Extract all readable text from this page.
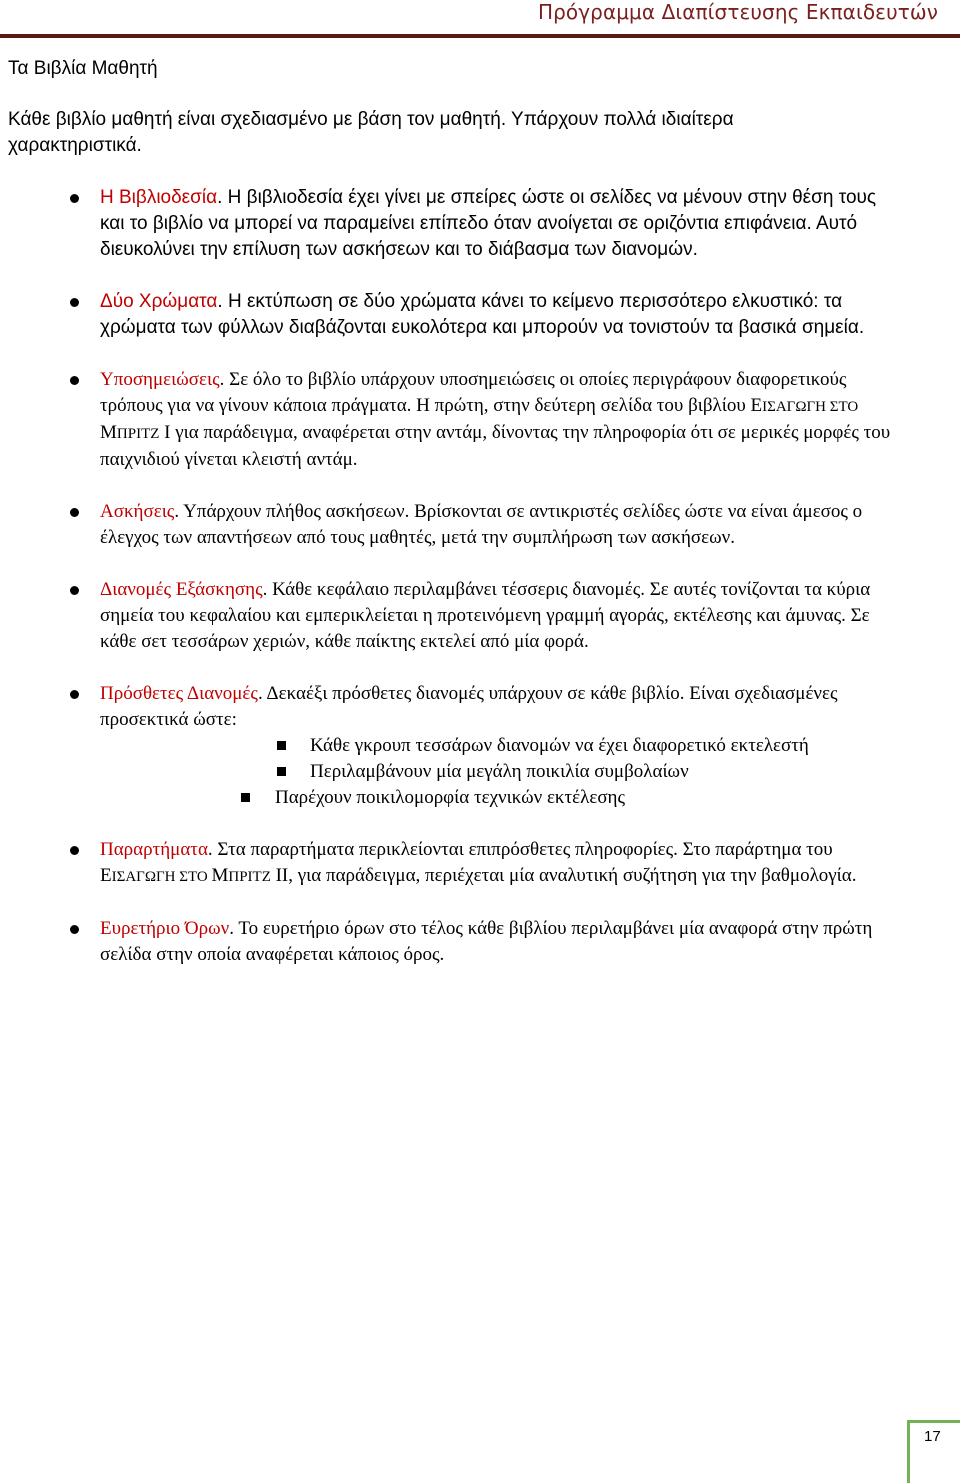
Πρόγραμμα Διαπίστευσης Εκπαιδευτών
Τα Βιβλία Μαθητή
Κάθε βιβλίο μαθητή είναι σχεδιασμένο με βάση τον μαθητή. Υπάρχουν πολλά ιδιαίτερα χαρακτηριστικά.
Η Βιβλιοδεσία. Η βιβλιοδεσία έχει γίνει με σπείρες ώστε οι σελίδες να μένουν στην θέση τους και το βιβλίο να μπορεί να παραμείνει επίπεδο όταν ανοίγεται σε οριζόντια επιφάνεια. Αυτό διευκολύνει την επίλυση των ασκήσεων και το διάβασμα των διανομών.
Δύο Χρώματα. Η εκτύπωση σε δύο χρώματα κάνει το κείμενο περισσότερο ελκυστικό: τα χρώματα των φύλλων διαβάζονται ευκολότερα και μπορούν να τονιστούν τα βασικά σημεία.
Υποσημειώσεις. Σε όλο το βιβλίο υπάρχουν υποσημειώσεις οι οποίες περιγράφουν διαφορετικούς τρόπους για να γίνουν κάποια πράγματα. Η πρώτη, στην δεύτερη σελίδα του βιβλίου ΕΙΣΑΓΩΓΗ ΣΤΟ ΜΠΡΙΤΖ Ι για παράδειγμα, αναφέρεται στην αντάμ, δίνοντας την πληροφορία ότι σε μερικές μορφές του παιχνιδιού γίνεται κλειστή αντάμ.
Ασκήσεις. Υπάρχουν πλήθος ασκήσεων. Βρίσκονται σε αντικριστές σελίδες ώστε να είναι άμεσος ο έλεγχος των απαντήσεων από τους μαθητές, μετά την συμπλήρωση των ασκήσεων.
Διανομές Εξάσκησης. Κάθε κεφάλαιο περιλαμβάνει τέσσερις διανομές. Σε αυτές τονίζονται τα κύρια σημεία του κεφαλαίου και εμπερικλείεται η προτεινόμενη γραμμή αγοράς, εκτέλεσης και άμυνας. Σε κάθε σετ τεσσάρων χεριών, κάθε παίκτης εκτελεί από μία φορά.
Πρόσθετες Διανομές. Δεκαέξι πρόσθετες διανομές υπάρχουν σε κάθε βιβλίο. Είναι σχεδιασμένες προσεκτικά ώστε:
Κάθε γκρουπ τεσσάρων διανομών να έχει διαφορετικό εκτελεστή
Περιλαμβάνουν μία μεγάλη ποικιλία συμβολαίων
Παρέχουν ποικιλομορφία τεχνικών εκτέλεσης
Παραρτήματα. Στα παραρτήματα περικλείονται επιπρόσθετες πληροφορίες. Στο παράρτημα του ΕΙΣΑΓΩΓΗ ΣΤΟ ΜΠΡΙΤΖ ΙΙ, για παράδειγμα, περιέχεται μία αναλυτική συζήτηση για την βαθμολογία.
Ευρετήριο Όρων. Το ευρετήριο όρων στο τέλος κάθε βιβλίου περιλαμβάνει μία αναφορά στην πρώτη σελίδα στην οποία αναφέρεται κάποιος όρος.
17
